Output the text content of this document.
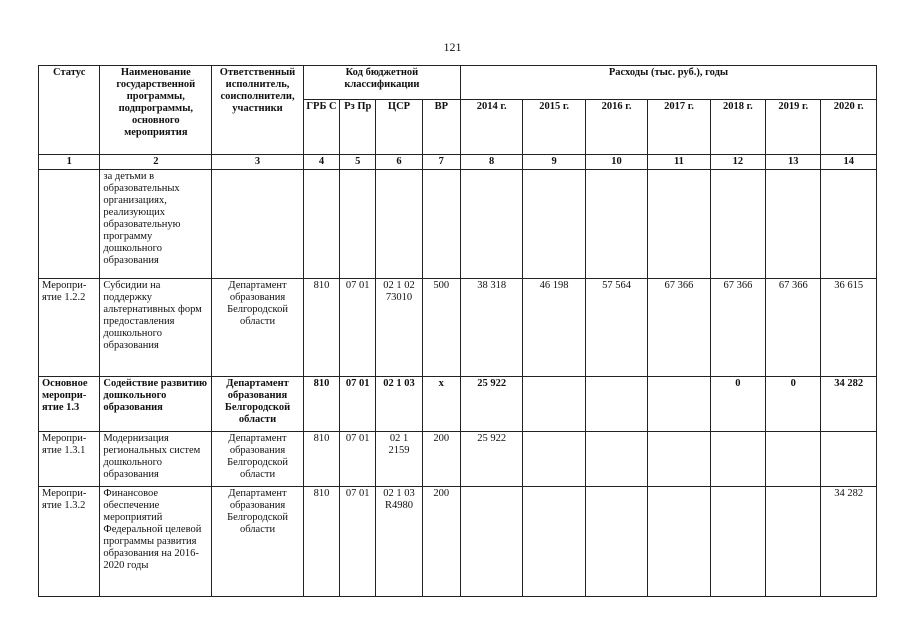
121
Статус	Наименование государственной программы, подпрограммы, основного мероприятия	Ответственный исполнитель, соисполнители, участники	Код бюджетной классификации				Расходы (тыс. руб.), годы						
			ГРБ С	Рз Пр	ЦСР	ВР	2014 г.	2015 г.	2016 г.	2017 г.	2018 г.	2019 г.	2020 г.
1	2	3	4	5	6	7	8	9	10	11	12	13	14
	за детьми в образовательных организациях, реализующих образовательную программу дошкольного образования												
Меропри-ятие 1.2.2	Субсидии на поддержку альтернативных форм предоставления дошкольного образования	Департамент образования Белгородской области	810	07 01	02 1 02 73010	500	38 318	46 198	57 564	67 366	67 366	67 366	36 615
Основное меропри-ятие 1.3	Содействие развитию дошкольного образования	Департамент образования Белгородской области	810	07 01	02 1 03	х	25 922				0	0	34 282
Меропри-ятие 1.3.1	Модернизация региональных систем дошкольного образования	Департамент образования Белгородской области	810	07 01	02 1 2159	200	25 922						
Меропри-ятие 1.3.2	Финансовое обеспечение мероприятий Федеральной целевой программы развития образования на 2016-2020 годы	Департамент образования Белгородской области	810	07 01	02 1 03 R4980	200							34 282
